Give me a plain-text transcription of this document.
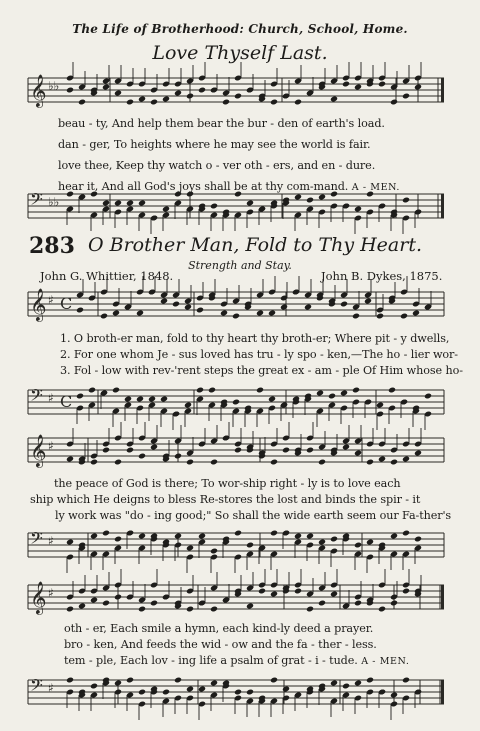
The Life of Brotherhood: Church, School, Home.
Love Thyself Last.
𝄞 ♭♭
𝄢 ♭♭
𝄞 ♯ C
𝄢 ♯ C
𝄞 ♯
𝄢 ♯
𝄞 ♯
𝄢 ♯
beau - ty, And help them bear the bur - den of earth's load.
dan - ger, To heights where he may see the world is fair.
love thee, Keep thy watch o - ver oth - ers, and en - dure.
hear it, And all God's joys shall be at thy com-mand. A - MEN.
283 O Brother Man, Fold to Thy Heart.
Strength and Stay.
John G. Whittier, 1848.	John B. Dykes, 1875.
1. O broth-er man, fold to thy heart thy broth-er; Where pit - y dwells,
2. For one whom Je - sus loved has tru - ly spo - ken,—The ho - lier wor-
3. Fol - low with rev-'rent steps the great ex - am - ple Of Him whose ho-
the peace of God is there; To wor-ship right - ly is to love each
ship which He deigns to bless Re-stores the lost and binds the spir - it
ly work was "do - ing good;" So shall the wide earth seem our Fa-ther's
oth - er, Each smile a hymn, each kind-ly deed a prayer.
bro - ken, And feeds the wid - ow and the fa - ther - less.
tem - ple, Each lov - ing life a psalm of grat - i - tude. A - MEN.
